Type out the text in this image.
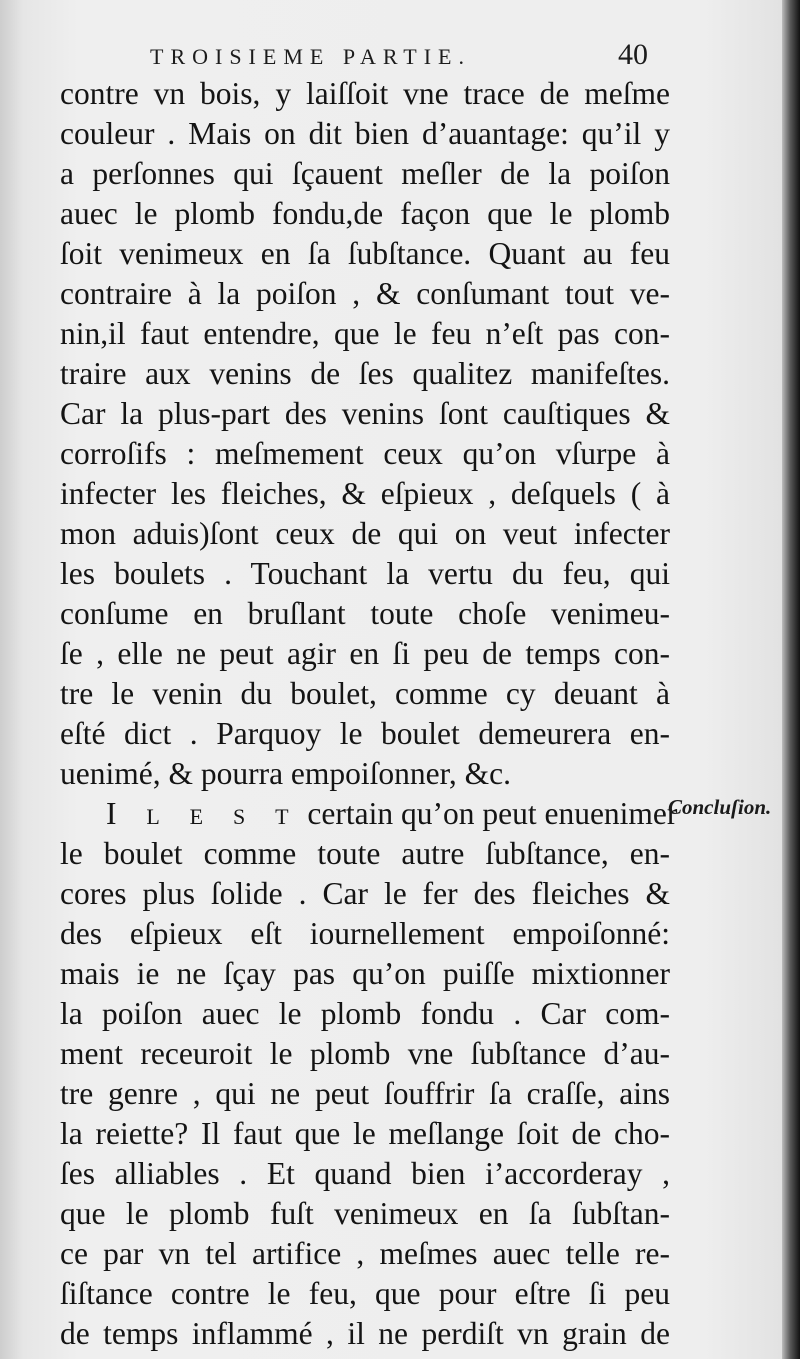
TROISIEME PARTIE.	40
contre vn bois, y laiſſoit vne trace de meſme
couleur . Mais on dit bien d’auantage: qu’il y
a perſonnes qui ſçauent meſler de la poiſon
auec le plomb fondu,de façon que le plomb
ſoit venimeux en ſa ſubſtance. Quant au feu
contraire à la poiſon , & conſumant tout ve-
nin,il faut entendre, que le feu n’eſt pas con-
traire aux venins de ſes qualitez manifeſtes.
Car la plus-part des venins ſont cauſtiques &
corroſifs : meſmement ceux qu’on vſurpe à
infecter les fleiches, & eſpieux , deſquels ( à
mon aduis)ſont ceux de qui on veut infecter
les boulets . Touchant la vertu du feu, qui
conſume en bruſlant toute choſe venimeu-
ſe , elle ne peut agir en ſi peu de temps con-
tre le venin du boulet, comme cy deuant à
eſté dict . Parquoy le boulet demeurera en-
uenimé, & pourra empoiſonner, &c.
I l e s t certain qu’on peut enuenimer
le boulet comme toute autre ſubſtance, en-
cores plus ſolide . Car le fer des fleiches &
des eſpieux eſt iournellement empoiſonné:
mais ie ne ſçay pas qu’on puiſſe mixtionner
la poiſon auec le plomb fondu . Car com-
ment receuroit le plomb vne ſubſtance d’au-
tre genre , qui ne peut ſouffrir ſa craſſe, ains
la reiette? Il faut que le meſlange ſoit de cho-
ſes alliables . Et quand bien i’accorderay ,
que le plomb fuſt venimeux en ſa ſubſtan-
ce par vn tel artifice , meſmes auec telle re-
ſiſtance contre le feu, que pour eſtre ſi peu
de temps inflammé , il ne perdiſt vn grain de
Concluſion.
